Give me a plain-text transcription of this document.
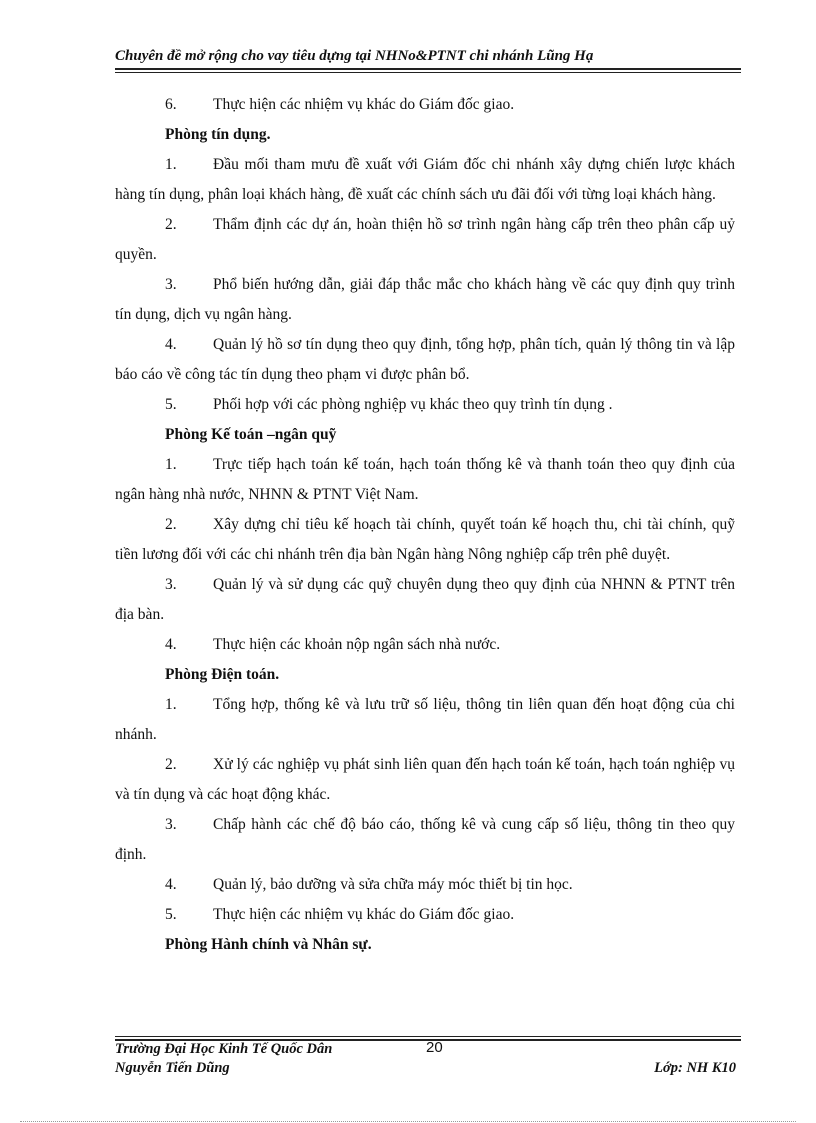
Chuyên đề mở rộng cho vay tiêu dựng tại NHNo&PTNT chi nhánh Lũng Hạ

6. Thực hiện các nhiệm vụ khác do Giám đốc giao.

Phòng tín dụng.

1. Đầu mối tham mưu đề xuất với Giám đốc chi nhánh xây dựng chiến lược khách hàng tín dụng, phân loại khách hàng, đề xuất các chính sách ưu đãi đối với từng loại khách hàng.

2. Thẩm định các dự án, hoàn thiện hồ sơ trình ngân hàng cấp trên theo phân cấp uỷ quyền.

3. Phổ biến hướng dẫn, giải đáp thắc mắc cho khách hàng về các quy định quy trình tín dụng, dịch vụ ngân hàng.

4. Quản lý hồ sơ tín dụng theo quy định, tổng hợp, phân tích, quản lý thông tin và lập báo cáo về công tác tín dụng theo phạm vi được phân bổ.

5. Phối hợp với các phòng nghiệp vụ khác theo quy trình tín dụng .

Phòng Kế toán –ngân quỹ

1. Trực tiếp hạch toán kế toán, hạch toán thống kê và thanh toán theo quy định của ngân hàng nhà nước, NHNN & PTNT Việt Nam.

2. Xây dựng chỉ tiêu kế hoạch tài chính, quyết toán kế hoạch thu, chi tài chính, quỹ tiền lương đối với các chi nhánh trên địa bàn Ngân hàng Nông nghiệp cấp trên phê duyệt.

3. Quản lý và sử dụng các quỹ chuyên dụng theo quy định của NHNN & PTNT trên địa bàn.

4. Thực hiện các khoản nộp ngân sách nhà nước.

Phòng Điện toán.

1. Tổng hợp, thống kê và lưu trữ số liệu, thông tin liên quan đến hoạt động của chi nhánh.

2. Xử lý các nghiệp vụ phát sinh liên quan đến hạch toán kế toán, hạch toán nghiệp vụ và tín dụng và các hoạt động khác.

3. Chấp hành các chế độ báo cáo, thống kê và cung cấp số liệu, thông tin theo quy định.

4. Quản lý, bảo dưỡng và sửa chữa máy móc thiết bị tin học.

5. Thực hiện các nhiệm vụ khác do Giám đốc giao.

Phòng Hành chính và Nhân sự.

Trường Đại Học Kinh Tế Quốc Dân
Nguyễn Tiến Dũng
20
Lớp: NH K10
